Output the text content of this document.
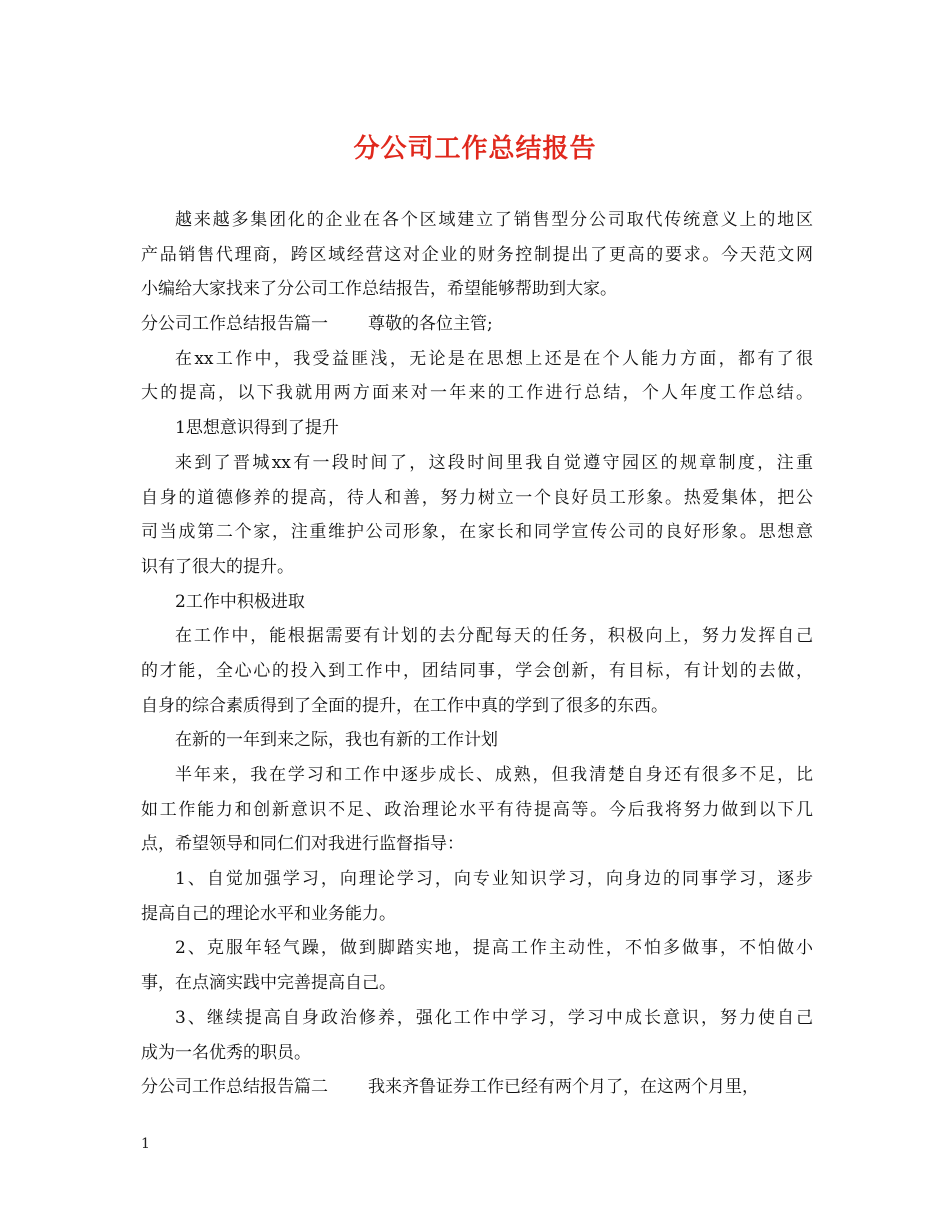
分公司工作总结报告
越来越多集团化的企业在各个区域建立了销售型分公司取代传统意义上的地区
产品销售代理商，跨区域经营这对企业的财务控制提出了更高的要求。今天范文网
小编给大家找来了分公司工作总结报告，希望能够帮助到大家。
分公司工作总结报告篇一 尊敬的各位主管;
在xx工作中，我受益匪浅，无论是在思想上还是在个人能力方面，都有了很
大的提高，以下我就用两方面来对一年来的工作进行总结，个人年度工作总结。
1思想意识得到了提升
来到了晋城xx有一段时间了，这段时间里我自觉遵守园区的规章制度，注重
自身的道德修养的提高，待人和善，努力树立一个良好员工形象。热爱集体，把公
司当成第二个家，注重维护公司形象，在家长和同学宣传公司的良好形象。思想意
识有了很大的提升。
2工作中积极进取
在工作中，能根据需要有计划的去分配每天的任务，积极向上，努力发挥自己
的才能，全心心的投入到工作中，团结同事，学会创新，有目标，有计划的去做，
自身的综合素质得到了全面的提升，在工作中真的学到了很多的东西。
在新的一年到来之际，我也有新的工作计划
半年来，我在学习和工作中逐步成长、成熟，但我清楚自身还有很多不足，比
如工作能力和创新意识不足、政治理论水平有待提高等。今后我将努力做到以下几
点，希望领导和同仁们对我进行监督指导：
1、自觉加强学习，向理论学习，向专业知识学习，向身边的同事学习，逐步
提高自己的理论水平和业务能力。
2、克服年轻气躁，做到脚踏实地，提高工作主动性，不怕多做事，不怕做小
事，在点滴实践中完善提高自己。
3、继续提高自身政治修养，强化工作中学习，学习中成长意识，努力使自己
成为一名优秀的职员。
分公司工作总结报告篇二 我来齐鲁证券工作已经有两个月了，在这两个月里，
1
